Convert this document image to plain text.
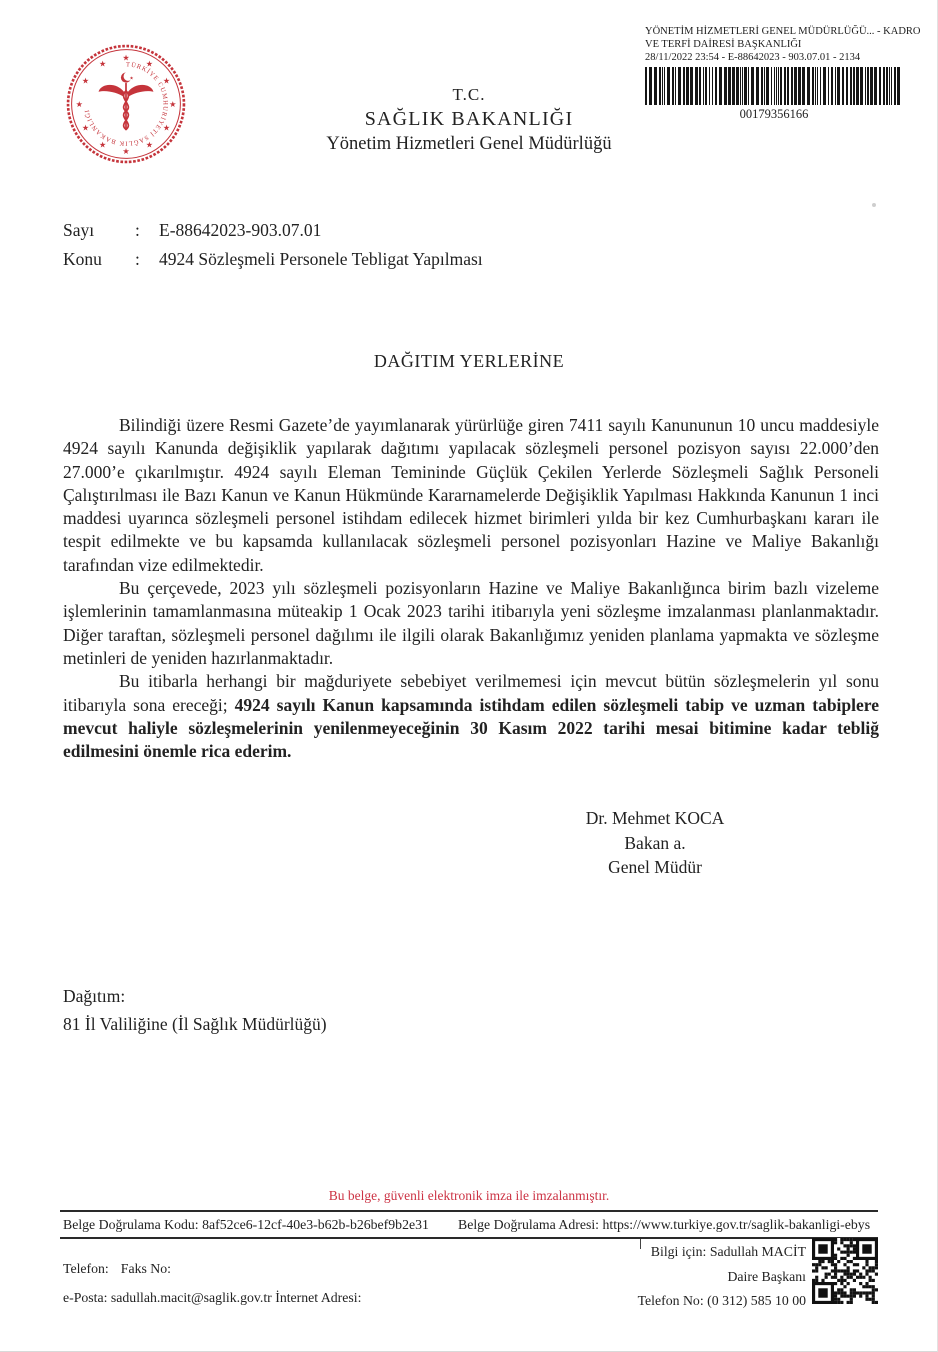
★
★
★
★
★
★
★
★
★
★
★
★	TÜRKİYE CUMHURİYETİ SAĞLIK BAKANLIĞI
★
T.C.
SAĞLIK BAKANLIĞI
Yönetim Hizmetleri Genel Müdürlüğü
YÖNETİM HİZMETLERİ GENEL MÜDÜRLÜĞÜ... - KADRO
VE TERFİ DAİRESİ BAŞKANLIĞI
28/11/2022 23:54 - E-88642023 - 903.07.01 - 2134
00179356166
Sayı	:	E-88642023-903.07.01
Konu	:	4924 Sözleşmeli Personele Tebligat Yapılması
DAĞITIM YERLERİNE

Bilindiği üzere Resmi Gazete’de yayımlanarak yürürlüğe giren 7411 sayılı Kanununun 10 uncu maddesiyle 4924 sayılı Kanunda değişiklik yapılarak dağıtımı yapılacak sözleşmeli personel pozisyon sayısı 22.000’den 27.000’e çıkarılmıştır. 4924 sayılı Eleman Temininde Güçlük Çekilen Yerlerde Sözleşmeli Sağlık Personeli Çalıştırılması ile Bazı Kanun ve Kanun Hükmünde Kararnamelerde Değişiklik Yapılması Hakkında Kanunun 1 inci maddesi uyarınca sözleşmeli personel istihdam edilecek hizmet birimleri yılda bir kez Cumhurbaşkanı kararı ile tespit edilmekte ve bu kapsamda kullanılacak sözleşmeli personel pozisyonları Hazine ve Maliye Bakanlığı tarafından vize edilmektedir.

Bu çerçevede, 2023 yılı sözleşmeli pozisyonların Hazine ve Maliye Bakanlığınca birim bazlı vizeleme işlemlerinin tamamlanmasına müteakip 1 Ocak 2023 tarihi itibarıyla yeni sözleşme imzalanması planlanmaktadır. Diğer taraftan, sözleşmeli personel dağılımı ile ilgili olarak Bakanlığımız yeniden planlama yapmakta ve sözleşme metinleri de yeniden hazırlanmaktadır.

Bu itibarla herhangi bir mağduriyete sebebiyet verilmemesi için mevcut bütün sözleşmelerin yıl sonu itibarıyla sona ereceği; 4924 sayılı Kanun kapsamında istihdam edilen sözleşmeli tabip ve uzman tabiplere mevcut haliyle sözleşmelerinin yenilenmeyeceğinin 30 Kasım 2022 tarihi mesai bitimine kadar tebliğ edilmesini önemle rica ederim.

Dr. Mehmet KOCA
Bakan a.
Genel Müdür
Dağıtım:
81 İl Valiliğine (İl Sağlık Müdürlüğü)
Bu belge, güvenli elektronik imza ile imzalanmıştır.
Belge Doğrulama Kodu: 8af52ce6-12cf-40e3-b62b-b26bef9b2e31 Belge Doğrulama Adresi: https://www.turkiye.gov.tr/saglik-bakanligi-ebys
Telefon: Faks No:
e-Posta: sadullah.macit@saglik.gov.tr İnternet Adresi:
Bilgi için: Sadullah MACİT
Daire Başkanı
Telefon No: (0 312) 585 10 00
